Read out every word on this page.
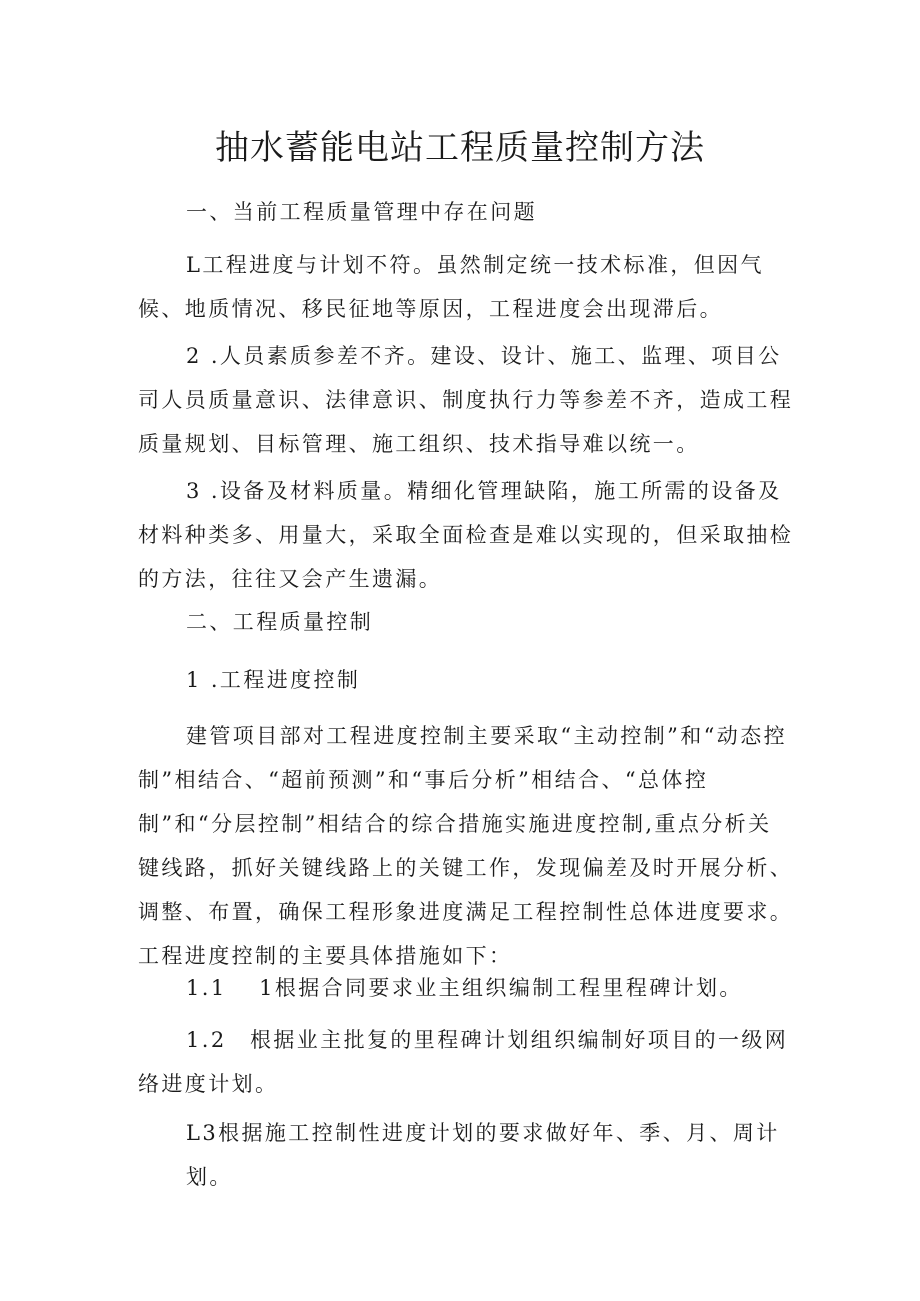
抽水蓄能电站工程质量控制方法

一、当前工程质量管理中存在问题

L工程进度与计划不符。虽然制定统一技术标准，但因气候、地质情况、移民征地等原因，工程进度会出现滞后。

2 .人员素质参差不齐。建设、设计、施工、监理、项目公司人员质量意识、法律意识、制度执行力等参差不齐，造成工程质量规划、目标管理、施工组织、技术指导难以统一。

3 .设备及材料质量。精细化管理缺陷，施工所需的设备及材料种类多、用量大，采取全面检查是难以实现的，但采取抽检的方法，往往又会产生遗漏。

二、工程质量控制

1 .工程进度控制

建管项目部对工程进度控制主要采取“主动控制”和“动态控制”相结合、“超前预测”和“事后分析”相结合、“总体控制”和“分层控制”相结合的综合措施实施进度控制,重点分析关键线路，抓好关键线路上的关键工作，发现偏差及时开展分析、调整、布置，确保工程形象进度满足工程控制性总体进度要求。工程进度控制的主要具体措施如下：

1.1　 1根据合同要求业主组织编制工程里程碑计划。

1.2　根据业主批复的里程碑计划组织编制好项目的一级网络进度计划。

L3根据施工控制性进度计划的要求做好年、季、月、周计划。
